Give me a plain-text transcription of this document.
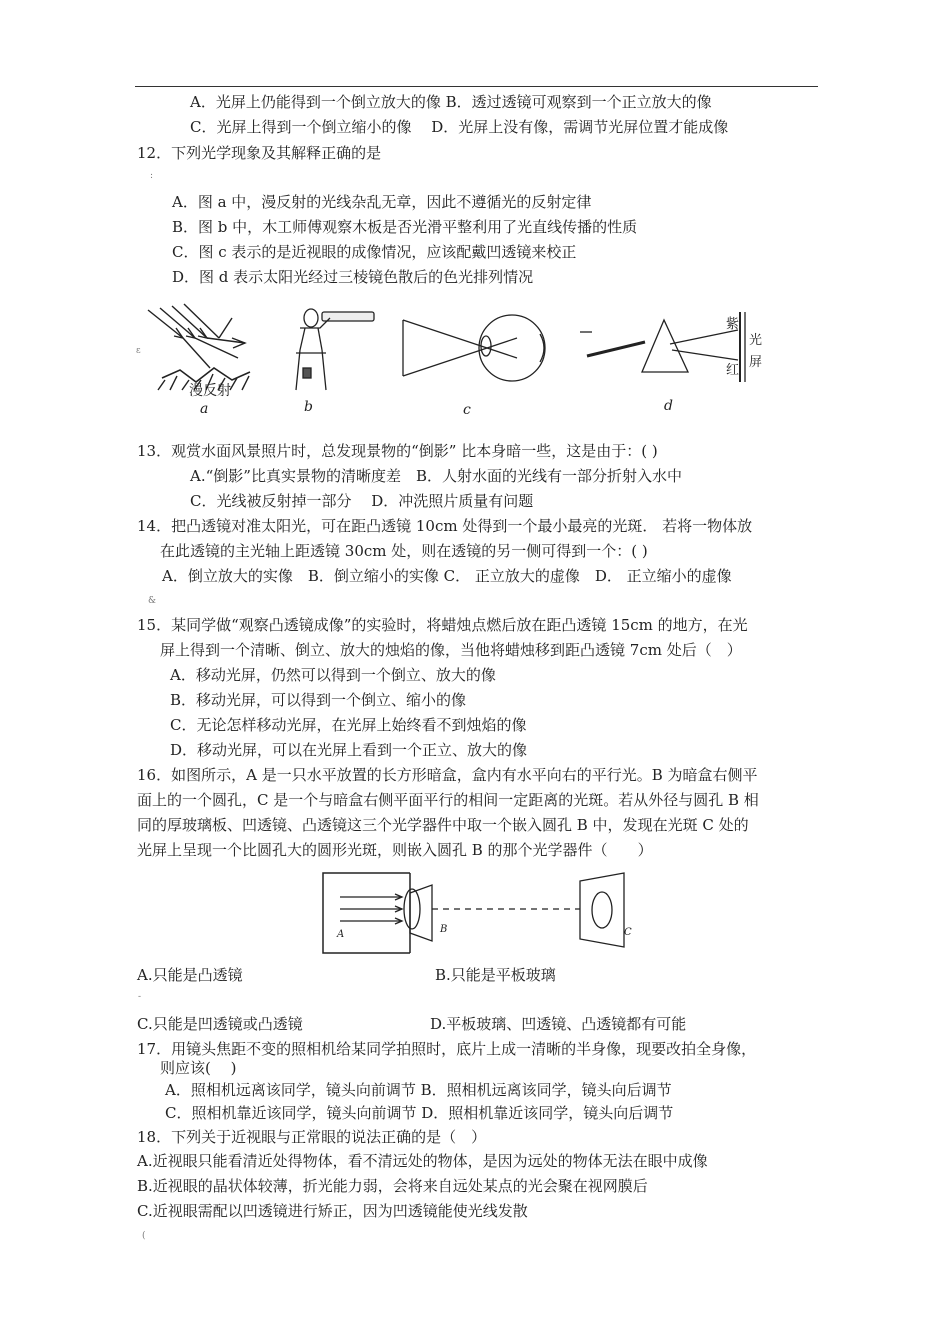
A．光屏上仍能得到一个倒立放大的像 B．透过透镜可观察到一个正立放大的像
C．光屏上得到一个倒立缩小的像　 D．光屏上没有像，需调节光屏位置才能成像
12．下列光学现象及其解释正确的是
:
A．图 a 中，漫反射的光线杂乱无章，因此不遵循光的反射定律
B．图 b 中，木工师傅观察木板是否光滑平整利用了光直线传播的性质
C．图 c 表示的是近视眼的成像情况，应该配戴凹透镜来校正
D．图 d 表示太阳光经过三棱镜色散后的色光排列情况
漫反射
a	b	c
紫
红
光
屏
d
ε
13．观赏水面风景照片时，总发现景物的“倒影” 比本身暗一些，这是由于：( )
A.“倒影”比真实景物的清晰度差　B．人射水面的光线有一部分折射入水中
C．光线被反射掉一部分　 D．冲洗照片质量有问题
14．把凸透镜对准太阳光，可在距凸透镜 10cm 处得到一个最小最亮的光斑． 若将一物体放
在此透镜的主光轴上距透镜 30cm 处，则在透镜的另一侧可得到一个：( )
A．倒立放大的实像　B．倒立缩小的实像 C． 正立放大的虚像　D． 正立缩小的虚像
&
15．某同学做“观察凸透镜成像”的实验时，将蜡烛点燃后放在距凸透镜 15cm 的地方，在光
屏上得到一个清晰、倒立、放大的烛焰的像，当他将蜡烛移到距凸透镜 7cm 处后（　）
A．移动光屏，仍然可以得到一个倒立、放大的像
B．移动光屏，可以得到一个倒立、缩小的像
C．无论怎样移动光屏，在光屏上始终看不到烛焰的像
D．移动光屏，可以在光屏上看到一个正立、放大的像
16．如图所示，A 是一只水平放置的长方形暗盒，盒内有水平向右的平行光。B 为暗盒右侧平
面上的一个圆孔，C 是一个与暗盒右侧平面平行的相间一定距离的光斑。若从外径与圆孔 B 相
同的厚玻璃板、凹透镜、凸透镜这三个光学器件中取一个嵌入圆孔 B 中，发现在光斑 C 处的
光屏上呈现一个比圆孔大的圆形光斑，则嵌入圆孔 B 的那个光学器件（　　）
A	B	C
A.只能是凸透镜	B.只能是平板玻璃
-
C.只能是凹透镜或凸透镜	D.平板玻璃、凹透镜、凸透镜都有可能
17．用镜头焦距不变的照相机给某同学拍照时，底片上成一清晰的半身像，现要改拍全身像，
则应该(　 )
A．照相机远离该同学，镜头向前调节 B．照相机远离该同学，镜头向后调节
C．照相机靠近该同学，镜头向前调节 D．照相机靠近该同学，镜头向后调节
18．下列关于近视眼与正常眼的说法正确的是（　）
A.近视眼只能看清近处得物体，看不清远处的物体，是因为远处的物体无法在眼中成像
B.近视眼的晶状体较薄，折光能力弱，会将来自远处某点的光会聚在视网膜后
C.近视眼需配以凹透镜进行矫正，因为凹透镜能使光线发散
(
